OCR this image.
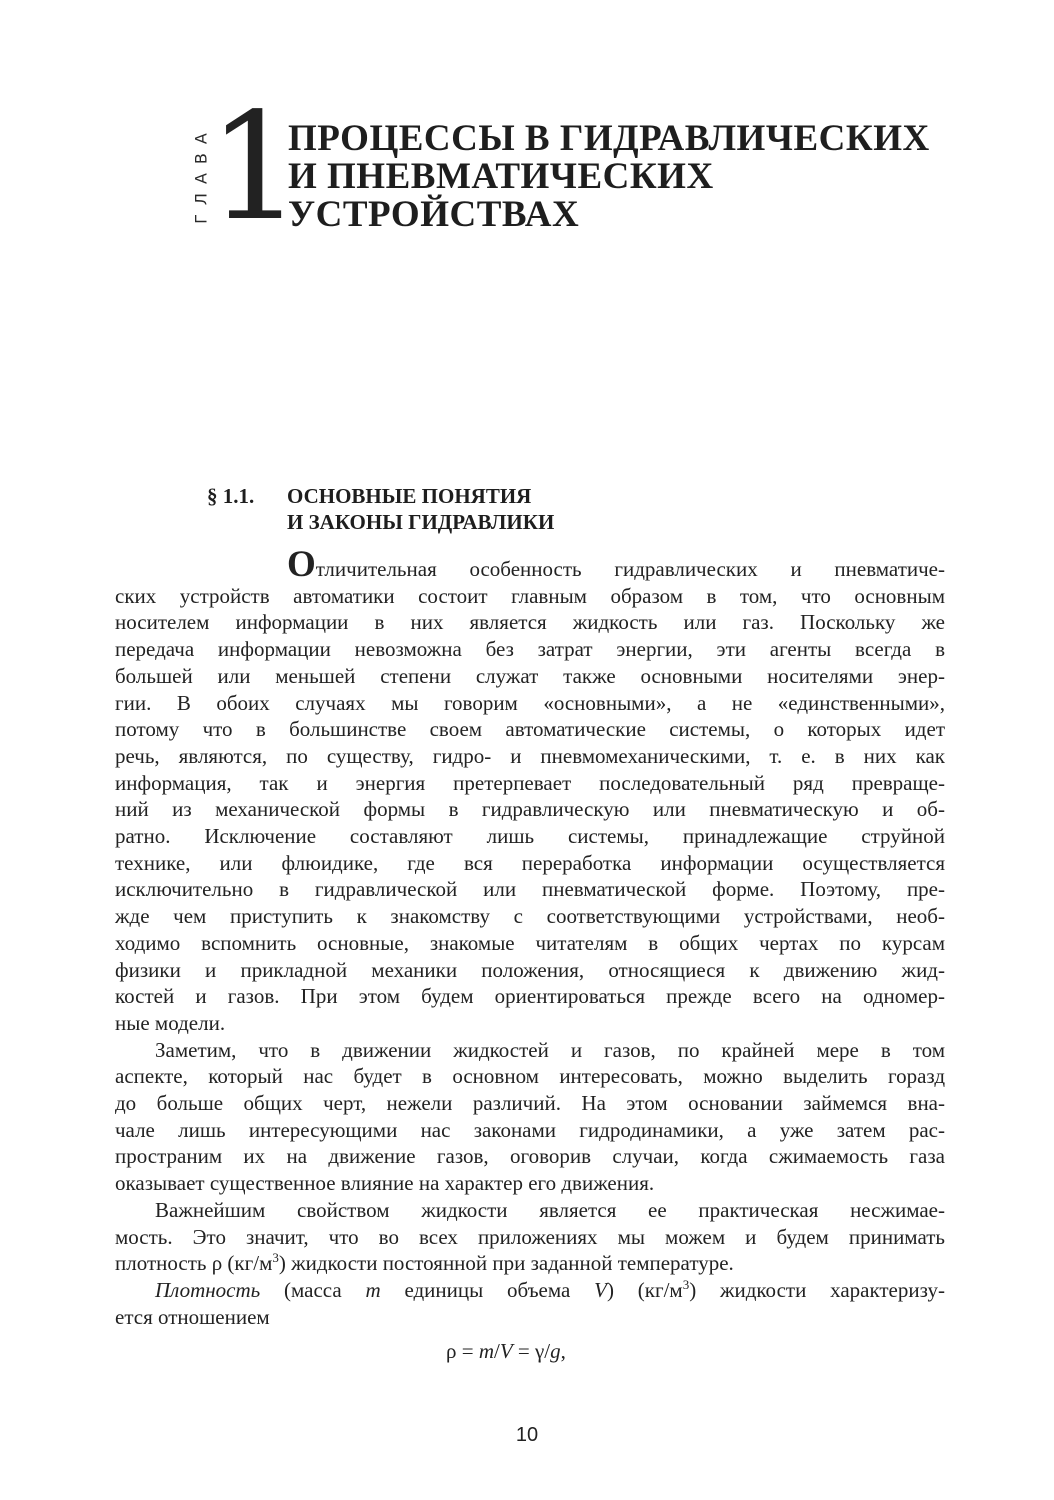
ГЛАВА
1
ПРОЦЕССЫ В ГИДРАВЛИЧЕСКИХ
И ПНЕВМАТИЧЕСКИХ
УСТРОЙСТВАХ
§ 1.1. ОСНОВНЫЕ ПОНЯТИЯ
И ЗАКОНЫ ГИДРАВЛИКИ
Отличительная особенность гидравлических и пневматиче-
ских устройств автоматики состоит главным образом в том, что основным
носителем информации в них является жидкость или газ. Поскольку же
передача информации невозможна без затрат энергии, эти агенты всегда в
большей или меньшей степени служат также основными носителями энер-
гии. В обоих случаях мы говорим «основными», а не «единственными»,
потому что в большинстве своем автоматические системы, о которых идет
речь, являются, по существу, гидро- и пневмомеханическими, т. е. в них как
информация, так и энергия претерпевает последовательный ряд превраще-
ний из механической формы в гидравлическую или пневматическую и об-
ратно. Исключение составляют лишь системы, принадлежащие струйной
технике, или флюидике, где вся переработка информации осуществляется
исключительно в гидравлической или пневматической форме. Поэтому, пре-
жде чем приступить к знакомству с соответствующими устройствами, необ-
ходимо вспомнить основные, знакомые читателям в общих чертах по курсам
физики и прикладной механики положения, относящиеся к движению жид-
костей и газов. При этом будем ориентироваться прежде всего на одномер-
ные модели.
Заметим, что в движении жидкостей и газов, по крайней мере в том
аспекте, который нас будет в основном интересовать, можно выделить горазд
до больше общих черт, нежели различий. На этом основании займемся вна-
чале лишь интересующими нас законами гидродинамики, а уже затем рас-
пространим их на движение газов, оговорив случаи, когда сжимаемость газа
оказывает существенное влияние на характер его движения.
Важнейшим свойством жидкости является ее практическая несжимае-
мость. Это значит, что во всех приложениях мы можем и будем принимать
плотность ρ $(кг/м^3)$ жидкости постоянной при заданной температуре.
Плотность (масса m единицы объема V) $(кг/м^3)$ жидкости характеризу-
ется отношением
ρ = m/V = γ/g,
10
